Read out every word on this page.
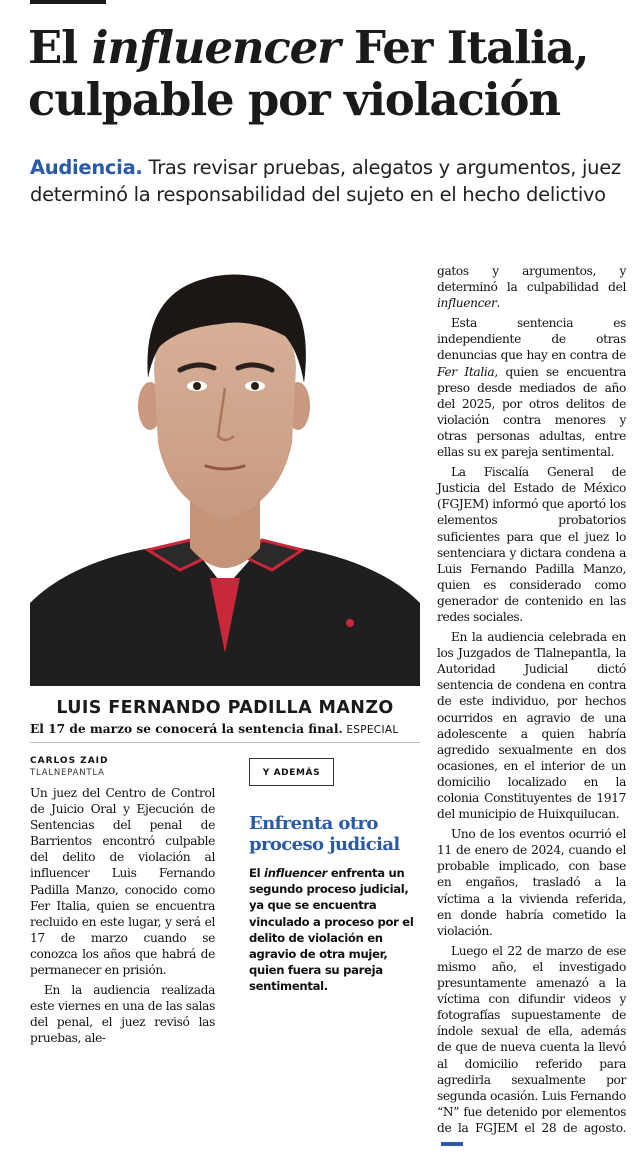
El influencer Fer Italia, culpable por violación
Audiencia. Tras revisar pruebas, alegatos y argumentos, juez determinó la responsabilidad del sujeto en el hecho delictivo
LUIS FERNANDO PADILLA MANZO
El 17 de marzo se conocerá la sentencia final. ESPECIAL
CARLOS ZAID
TLALNEPANTLA

Un juez del Centro de Control de Juicio Oral y Ejecución de Sentencias del penal de Barrientos encontró culpable del delito de violación al influencer Luis Fernando Padilla Manzo, conocido como Fer Italia, quien se encuentra recluido en este lugar, y será el 17 de marzo cuando se conozca los años que habrá de permanecer en prisión.

En la audiencia realizada este viernes en una de las salas del penal, el juez revisó las pruebas, ale-

Y ADEMÁS
Enfrenta otro proceso judicial
El influencer enfrenta un segundo proceso judicial, ya que se encuentra vinculado a proceso por el delito de violación en agravio de otra mujer, quien fuera su pareja sentimental.

gatos y argumentos, y determinó la culpabilidad del influencer.

Esta sentencia es independiente de otras denuncias que hay en contra de Fer Italia, quien se encuentra preso desde mediados de año del 2025, por otros delitos de violación contra menores y otras personas adultas, entre ellas su ex pareja sentimental.

La Fiscalía General de Justicia del Estado de México (FGJEM) informó que aportó los elementos probatorios suficientes para que el juez lo sentenciara y dictara condena a Luis Fernando Padilla Manzo, quien es considerado como generador de contenido en las redes sociales.

En la audiencia celebrada en los Juzgados de Tlalnepantla, la Autoridad Judicial dictó sentencia de condena en contra de este individuo, por hechos ocurridos en agravio de una adolescente a quien habría agredido sexualmente en dos ocasiones, en el interior de un domicilio localizado en la colonia Constituyentes de 1917 del municipio de Huixquilucan.

Uno de los eventos ocurrió el 11 de enero de 2024, cuando el probable implicado, con base en engaños, trasladó a la víctima a la vivienda referida, en donde habría cometido la violación.

Luego el 22 de marzo de ese mismo año, el investigado presuntamente amenazó a la víctima con difundir videos y fotografías supuestamente de índole sexual de ella, además de que de nueva cuenta la llevó al domicilio referido para agredirla sexualmente por segunda ocasión. Luis Fernando “N” fue detenido por elementos de la FGJEM el 28 de agosto.
